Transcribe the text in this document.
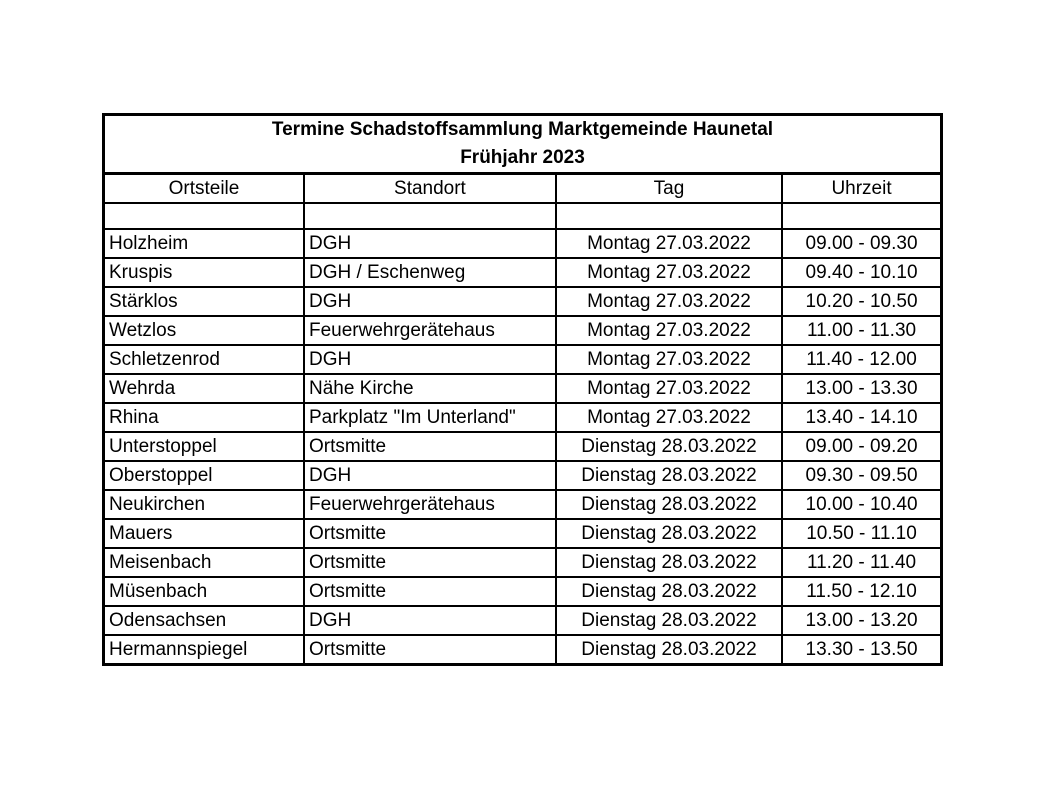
Termine Schadstoffsammlung Marktgemeinde Haunetal
Frühjahr 2023			

Ortsteile	Standort	Tag	Uhrzeit

Holzheim	DGH	Montag 27.03.2022	09.00 - 09.30
Kruspis	DGH / Eschenweg	Montag 27.03.2022	09.40 - 10.10
Stärklos	DGH	Montag 27.03.2022	10.20 - 10.50
Wetzlos	Feuerwehrgerätehaus	Montag 27.03.2022	11.00 - 11.30
Schletzenrod	DGH	Montag 27.03.2022	11.40 - 12.00
Wehrda	Nähe Kirche	Montag 27.03.2022	13.00 - 13.30
Rhina	Parkplatz "Im Unterland"	Montag 27.03.2022	13.40 - 14.10
Unterstoppel	Ortsmitte	Dienstag 28.03.2022	09.00 - 09.20
Oberstoppel	DGH	Dienstag 28.03.2022	09.30 - 09.50
Neukirchen	Feuerwehrgerätehaus	Dienstag 28.03.2022	10.00 - 10.40
Mauers	Ortsmitte	Dienstag 28.03.2022	10.50 - 11.10
Meisenbach	Ortsmitte	Dienstag 28.03.2022	11.20 - 11.40
Müsenbach	Ortsmitte	Dienstag 28.03.2022	11.50 - 12.10
Odensachsen	DGH	Dienstag 28.03.2022	13.00 - 13.20
Hermannspiegel	Ortsmitte	Dienstag 28.03.2022	13.30 - 13.50
